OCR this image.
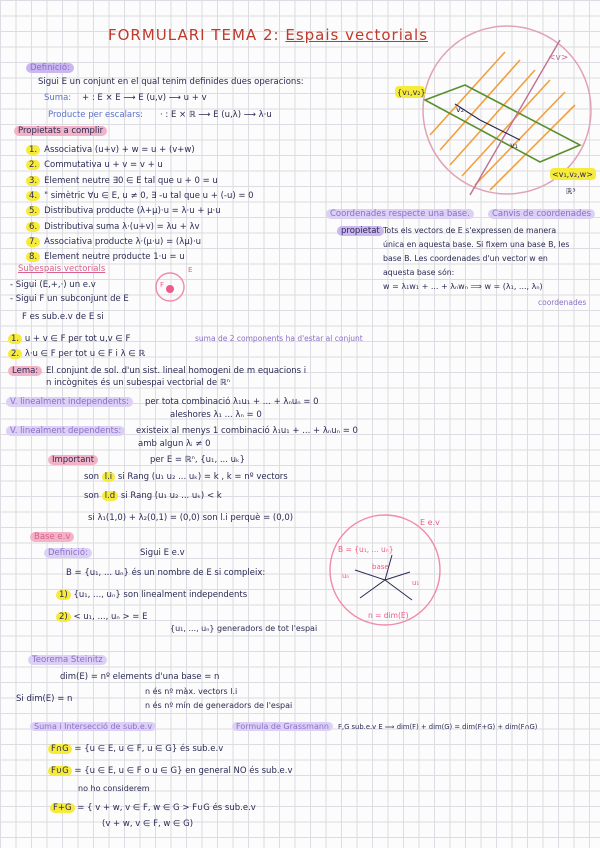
FORMULARI TEMA 2: Espais vectorials
Definició:
Sigui E un conjunt en el qual tenim definides dues operacions:
Suma: + : E × E ⟶ E (u,v) ⟶ u + v
Producte per escalars: · : E × ℝ ⟶ E (u,λ) ⟶ λ·u
Propietats a complir
1. Associativa (u+v) + w = u + (v+w)
2. Commutativa u + v = v + u
3. Element neutre ∃0 ∈ E tal que u + 0 = u
4. " simètric ∀u ∈ E, u ≠ 0, ∃ -u tal que u + (-u) = 0
5. Distributiva producte (λ+μ)·u = λ·u + μ·u
6. Distributiva suma λ·(u+v) = λu + λv
7. Associativa producte λ·(μ·u) = (λμ)·u
8. Element neutre producte 1·u = u
{v₁,v₂}
v₂
v₁
<v>
<v₁,v₂,w>
ℝ³
Coordenades respecte una base.	Canvis de coordenades
propietat Tots els vectors de E s'expressen de manera
única en aquesta base. Si fixem una base B, les
base B. Les coordenades d'un vector w en
aquesta base són:
w = λ₁w₁ + ... + λₙwₙ ⟹ w = (λ₁, ..., λₙ)
coordenades
Subespais vectorials
- Sigui (E,+,·) un e.v
- Sigui F un subconjunt de E
F es sub.e.v de E si
F
E
1. u + v ∈ F per tot u,v ∈ F	suma de 2 components ha d'estar al conjunt
2. λ·u ∈ F per tot u ∈ F i λ ∈ ℝ
Lema: El conjunt de sol. d'un sist. lineal homogeni de m equacions i
n incògnites és un subespai vectorial de ℝⁿ
V. linealment independents:	per tota combinació λ₁u₁ + ... + λₙuₙ = 0
aleshores λ₁ ... λₙ = 0
V. linealment dependents:	existeix al menys 1 combinació λ₁u₁ + ... + λₙuₙ = 0
amb algun λᵢ ≠ 0
Important	per E = ℝⁿ, {u₁, ... uₖ}
son l.i si Rang (u₁ u₂ ... uₖ) = k , k = nº vectors
son l.d si Rang (u₁ u₂ ... uₖ) < k
si λ₁(1,0) + λ₂(0,1) = (0,0) son l.i perquè = (0,0)
Base e.v
Definició:	Sigui E e.v
B = {u₁, ... uₙ} és un nombre de E si compleix:
1) {u₁, ..., uₙ} son linealment independents
2) < u₁, ..., uₙ > = E
{u₁, ..., uₙ} generadors de tot l'espai
E e.v
B = {u₁, ... uₙ}
base
uₙ
u₁
n = dim(E)
Teorema Steinitz
dim(E) = nº elements d'una base = n
Si dim(E) = n
n és nº màx. vectors l.i
n és nº mín de generadors de l'espai
Suma i Intersecció de sub.e.v	Formula de Grassmann	F,G sub.e.v E ⟹ dim(F) + dim(G) = dim(F+G) + dim(F∩G)
F∩G = {u ∈ E, u ∈ F, u ∈ G} és sub.e.v
F∪G = {u ∈ E, u ∈ F o u ∈ G} en general NO és sub.e.v
no ho considerem
F+G = { v + w, v ∈ F, w ∈ G > F∪G és sub.e.v
(v + w, v ∈ F, w ∈ G)
